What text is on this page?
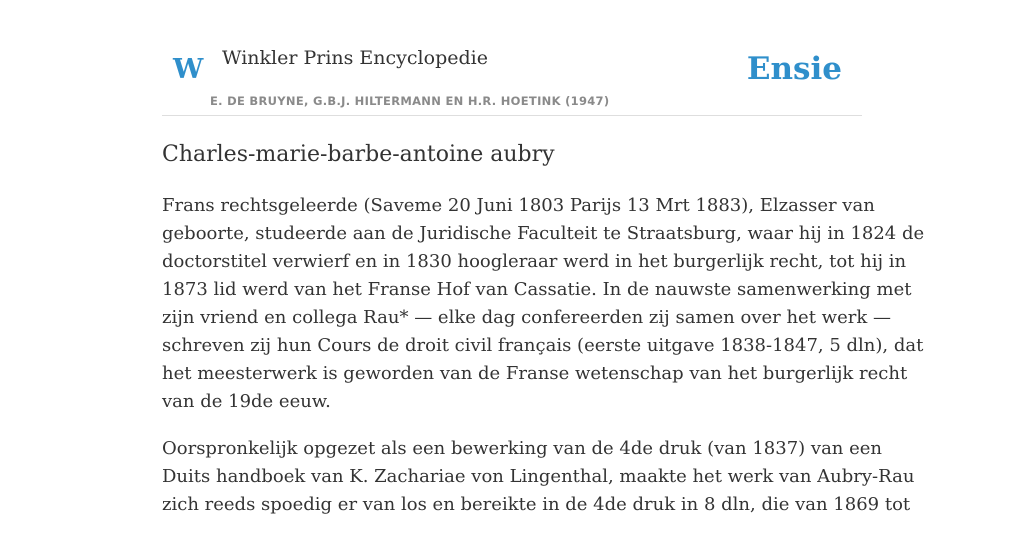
W Winkler Prins Encyclopedie
E. DE BRUYNE, G.B.J. HILTERMANN EN H.R. HOETINK (1947)
Ensie
Charles-marie-barbe-antoine aubry

Frans rechtsgeleerde (Saveme 20 Juni 1803 Parijs 13 Mrt 1883), Elzasser van
geboorte, studeerde aan de Juridische Faculteit te Straatsburg, waar hij in 1824 de
doctorstitel verwierf en in 1830 hoogleraar werd in het burgerlijk recht, tot hij in
1873 lid werd van het Franse Hof van Cassatie. In de nauwste samenwerking met
zijn vriend en collega Rau* — elke dag confereerden zij samen over het werk —
schreven zij hun Cours de droit civil français (eerste uitgave 1838-1847, 5 dln), dat
het meesterwerk is geworden van de Franse wetenschap van het burgerlijk recht
van de 19de eeuw.

Oorspronkelijk opgezet als een bewerking van de 4de druk (van 1837) van een
Duits handboek van K. Zachariae von Lingenthal, maakte het werk van Aubry-Rau
zich reeds spoedig er van los en bereikte in de 4de druk in 8 dln, die van 1869 tot
